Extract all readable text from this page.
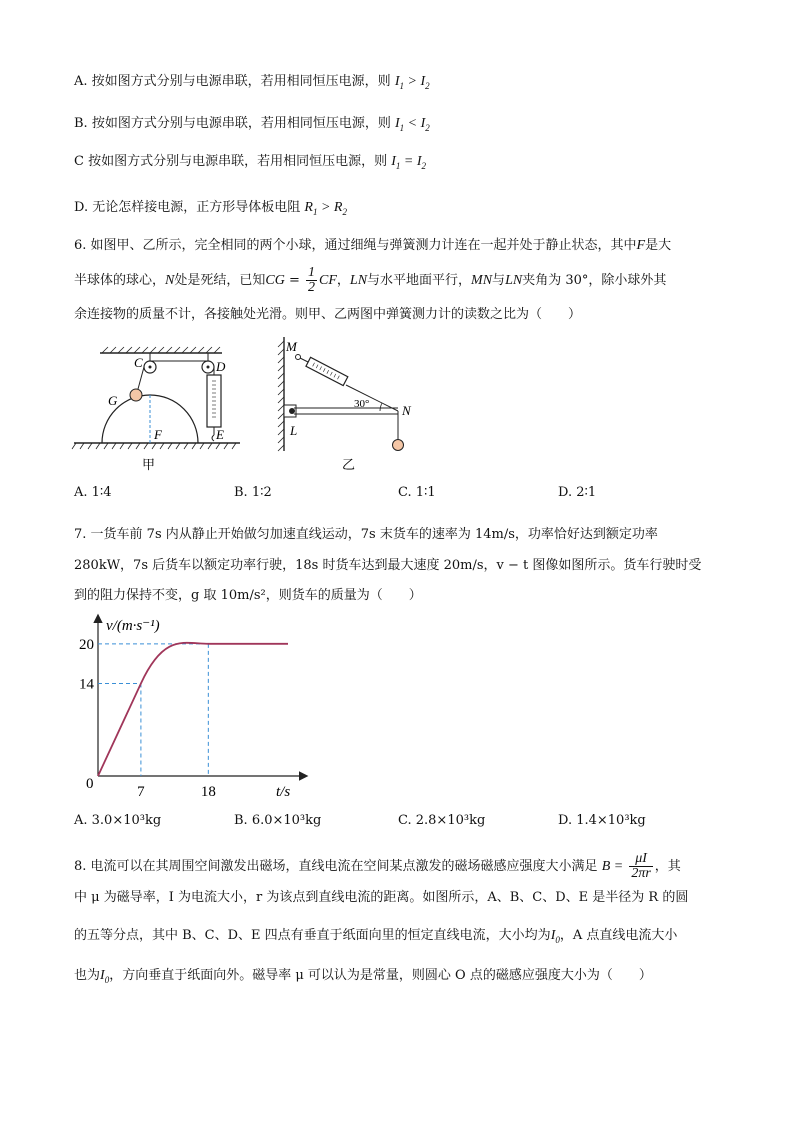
A. 按如图方式分别与电源串联，若用相同恒压电源，则 $I_1 > I_2$
B. 按如图方式分别与电源串联，若用相同恒压电源，则 $I_1 < I_2$
C 按如图方式分别与电源串联，若用相同恒压电源，则 $I_1 = I_2$
D. 无论怎样接电源，正方形导体板电阻 $R_1 > R_2$
6. 如图甲、乙所示，完全相同的两个小球，通过细绳与弹簧测力计连在一起并处于静止状态，其中F是大
半球体的球心，N处是死结，已知CG = $\frac{1}{2}$ CF，LN与水平地面平行，MN与LN夹角为 30°，除小球外其
余连接物的质量不计，各接触处光滑。则甲、乙两图中弹簧测力计的读数之比为（　　）
C	D
G
F	E
甲
30°
M
N
L
乙
A. 1∶4	B. 1∶2	C. 1∶1	D. 2∶1
7. 一货车前 7s 内从静止开始做匀加速直线运动，7s 末货车的速率为 14m/s，功率恰好达到额定功率
280kW，7s 后货车以额定功率行驶，18s 时货车达到最大速度 20m/s，v − t 图像如图所示。货车行驶时受
到的阻力保持不变，g 取 10m/s²，则货车的质量为（　　）
v/(m·s⁻¹)
t/s
0
14
20
7	18
A. 3.0×10³kg	B. 6.0×10³kg	C. 2.8×10³kg	D. 1.4×10³kg
8. 电流可以在其周围空间激发出磁场，直线电流在空间某点激发的磁场磁感应强度大小满足 $B = \frac{\mu I}{2\pi r}$ ，其
中 μ 为磁导率，I 为电流大小，r 为该点到直线电流的距离。如图所示，A、B、C、D、E 是半径为 R 的圆
的五等分点，其中 B、C、D、E 四点有垂直于纸面向里的恒定直线电流，大小均为$I_0$，A 点直线电流大小
也为$I_0$，方向垂直于纸面向外。磁导率 μ 可以认为是常量，则圆心 O 点的磁感应强度大小为（　　）
